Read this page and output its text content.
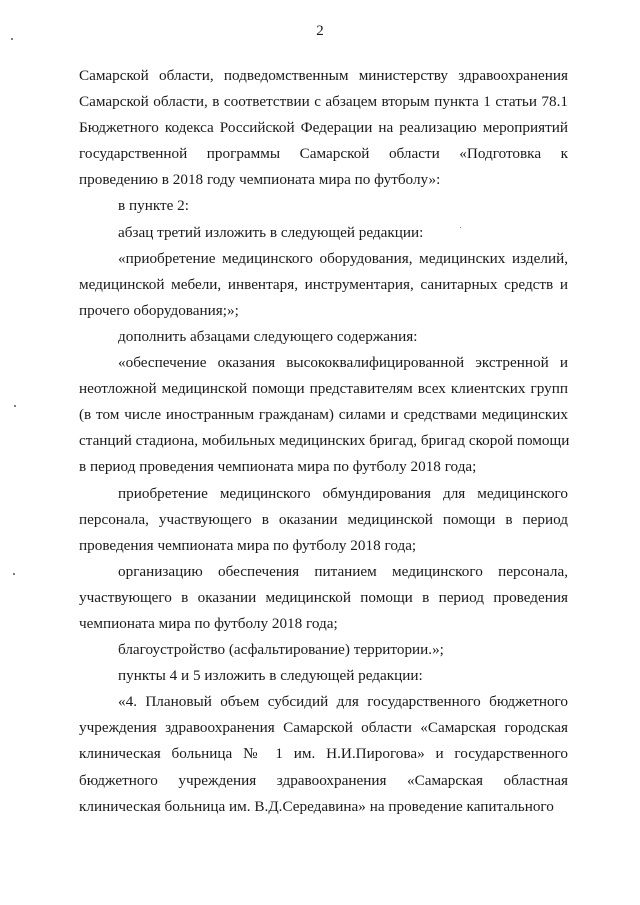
2
Самарской области, подведомственным министерству здравоохранения
Самарской области, в соответствии с абзацем вторым пункта 1 статьи 78.1
Бюджетного кодекса Российской Федерации на реализацию мероприятий
государственной программы Самарской области «Подготовка к
проведению в 2018 году чемпионата мира по футболу»:
в пункте 2:
абзац третий изложить в следующей редакции:
«приобретение медицинского оборудования, медицинских изделий,
медицинской мебели, инвентаря, инструментария, санитарных средств и
прочего оборудования;»;
дополнить абзацами следующего содержания:
«обеспечение оказания высококвалифицированной экстренной и
неотложной медицинской помощи представителям всех клиентских групп
(в том числе иностранным гражданам) силами и средствами медицинских
станций стадиона, мобильных медицинских бригад, бригад скорой помощи
в период проведения чемпионата мира по футболу 2018 года;
приобретение медицинского обмундирования для медицинского
персонала, участвующего в оказании медицинской помощи в период
проведения чемпионата мира по футболу 2018 года;
организацию обеспечения питанием медицинского персонала,
участвующего в оказании медицинской помощи в период проведения
чемпионата мира по футболу 2018 года;
благоустройство (асфальтирование) территории.»;
пункты 4 и 5 изложить в следующей редакции:
«4. Плановый объем субсидий для государственного бюджетного
учреждения здравоохранения Самарской области «Самарская городская
клиническая больница № 1 им. Н.И.Пирогова» и государственного
бюджетного учреждения здравоохранения «Самарская областная
клиническая больница им. В.Д.Середавина» на проведение капитального
